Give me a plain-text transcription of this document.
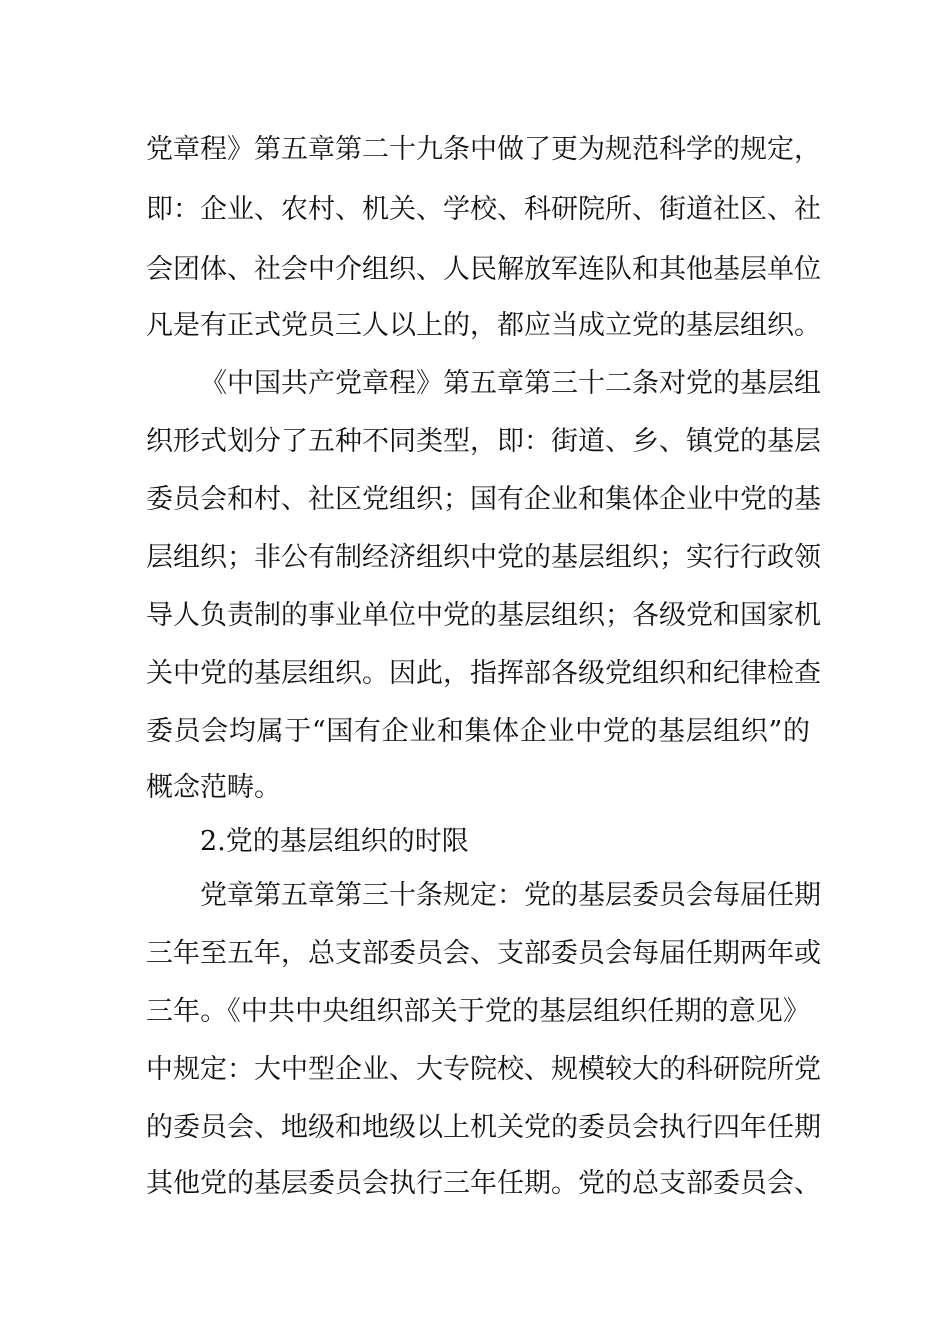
党章程》第五章第二十九条中做了更为规范科学的规定，
即：企业、农村、机关、学校、科研院所、街道社区、社
会团体、社会中介组织、人民解放军连队和其他基层单位
凡是有正式党员三人以上的，都应当成立党的基层组织。
《中国共产党章程》第五章第三十二条对党的基层组
织形式划分了五种不同类型，即：街道、乡、镇党的基层
委员会和村、社区党组织；国有企业和集体企业中党的基
层组织；非公有制经济组织中党的基层组织；实行行政领
导人负责制的事业单位中党的基层组织；各级党和国家机
关中党的基层组织。因此，指挥部各级党组织和纪律检查
委员会均属于“国有企业和集体企业中党的基层组织”的
概念范畴。
2.党的基层组织的时限
党章第五章第三十条规定：党的基层委员会每届任期
三年至五年，总支部委员会、支部委员会每届任期两年或
三年。《中共中央组织部关于党的基层组织任期的意见》
中规定：大中型企业、大专院校、规模较大的科研院所党
的委员会、地级和地级以上机关党的委员会执行四年任期
其他党的基层委员会执行三年任期。党的总支部委员会、
